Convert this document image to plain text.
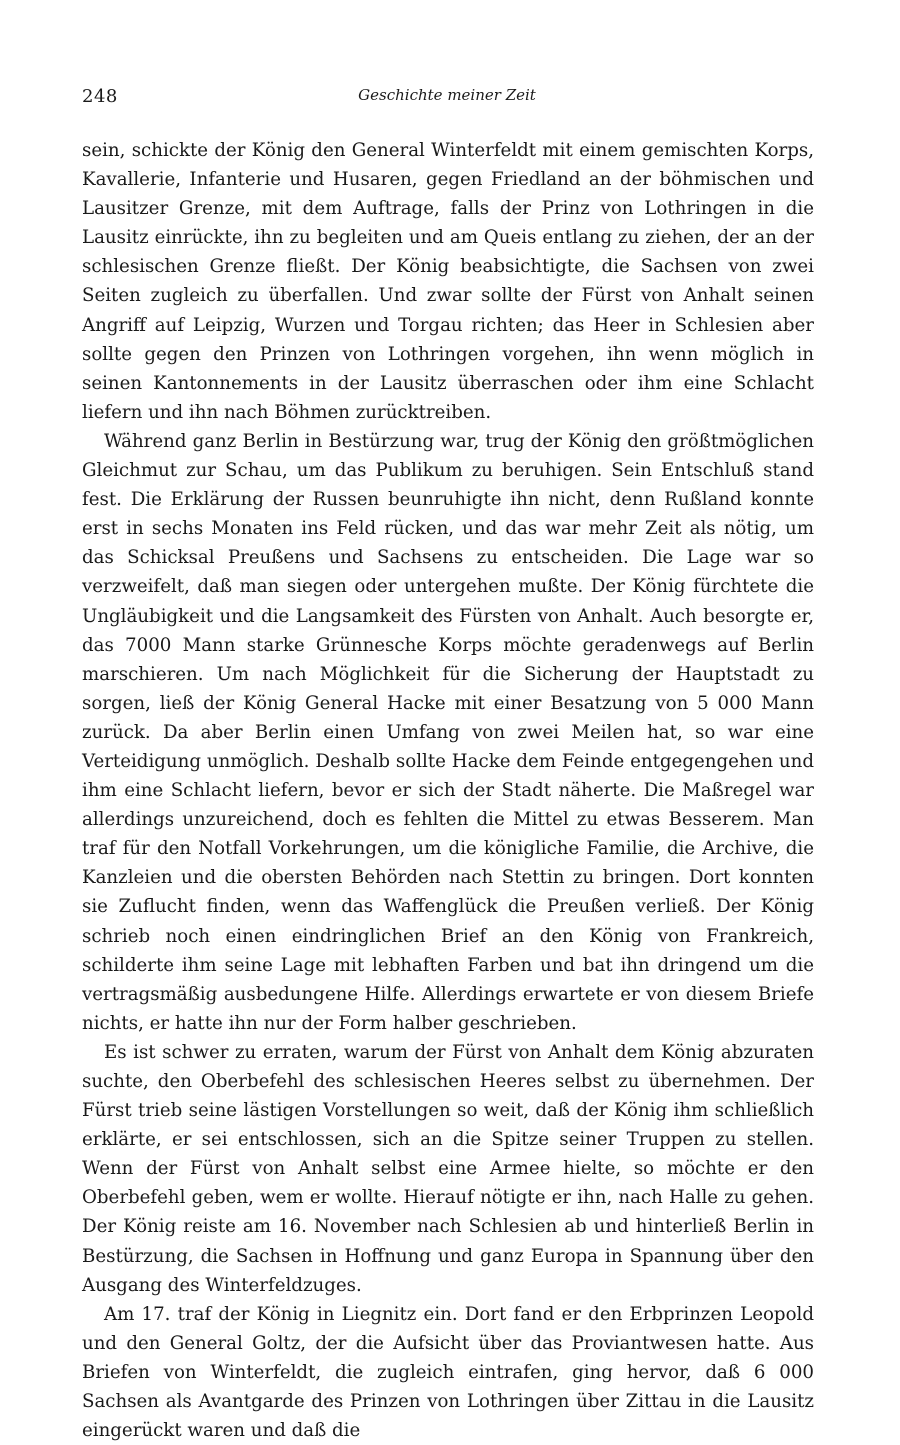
248	Geschichte meiner Zeit

sein, schickte der König den General Winterfeldt mit einem gemischten Korps, Kavallerie, Infanterie und Husaren, gegen Friedland an der böhmischen und Lausitzer Grenze, mit dem Auftrage, falls der Prinz von Lothringen in die Lausitz einrückte, ihn zu begleiten und am Queis entlang zu ziehen, der an der schlesischen Grenze fließt. Der König beabsichtigte, die Sachsen von zwei Seiten zugleich zu überfallen. Und zwar sollte der Fürst von Anhalt seinen Angriff auf Leipzig, Wurzen und Torgau richten; das Heer in Schlesien aber sollte gegen den Prinzen von Lothringen vorgehen, ihn wenn möglich in seinen Kantonnements in der Lausitz überraschen oder ihm eine Schlacht liefern und ihn nach Böhmen zurücktreiben.

Während ganz Berlin in Bestürzung war, trug der König den größtmöglichen Gleichmut zur Schau, um das Publikum zu beruhigen. Sein Entschluß stand fest. Die Erklärung der Russen beunruhigte ihn nicht, denn Rußland konnte erst in sechs Monaten ins Feld rücken, und das war mehr Zeit als nötig, um das Schicksal Preußens und Sachsens zu entscheiden. Die Lage war so verzweifelt, daß man siegen oder untergehen mußte. Der König fürchtete die Ungläubigkeit und die Langsamkeit des Fürsten von Anhalt. Auch besorgte er, das 7000 Mann starke Grünnesche Korps möchte geradenwegs auf Berlin marschieren. Um nach Möglichkeit für die Sicherung der Hauptstadt zu sorgen, ließ der König General Hacke mit einer Besatzung von 5 000 Mann zurück. Da aber Berlin einen Umfang von zwei Meilen hat, so war eine Verteidigung unmöglich. Deshalb sollte Hacke dem Feinde entgegengehen und ihm eine Schlacht liefern, bevor er sich der Stadt näherte. Die Maßregel war allerdings unzureichend, doch es fehlten die Mittel zu etwas Besserem. Man traf für den Notfall Vorkehrungen, um die königliche Familie, die Archive, die Kanzleien und die obersten Behörden nach Stettin zu bringen. Dort konnten sie Zuflucht finden, wenn das Waffenglück die Preußen verließ. Der König schrieb noch einen eindringlichen Brief an den König von Frankreich, schilderte ihm seine Lage mit lebhaften Farben und bat ihn dringend um die vertragsmäßig ausbedungene Hilfe. Allerdings erwartete er von diesem Briefe nichts, er hatte ihn nur der Form halber geschrieben.

Es ist schwer zu erraten, warum der Fürst von Anhalt dem König abzuraten suchte, den Oberbefehl des schlesischen Heeres selbst zu übernehmen. Der Fürst trieb seine lästigen Vorstellungen so weit, daß der König ihm schließlich erklärte, er sei entschlossen, sich an die Spitze seiner Truppen zu stellen. Wenn der Fürst von Anhalt selbst eine Armee hielte, so möchte er den Oberbefehl geben, wem er wollte. Hierauf nötigte er ihn, nach Halle zu gehen. Der König reiste am 16. November nach Schlesien ab und hinterließ Berlin in Bestürzung, die Sachsen in Hoffnung und ganz Europa in Spannung über den Ausgang des Winterfeldzuges.

Am 17. traf der König in Liegnitz ein. Dort fand er den Erbprinzen Leopold und den General Goltz, der die Aufsicht über das Proviantwesen hatte. Aus Briefen von Winterfeldt, die zugleich eintrafen, ging hervor, daß 6 000 Sachsen als Avantgarde des Prinzen von Lothringen über Zittau in die Lausitz eingerückt waren und daß die
